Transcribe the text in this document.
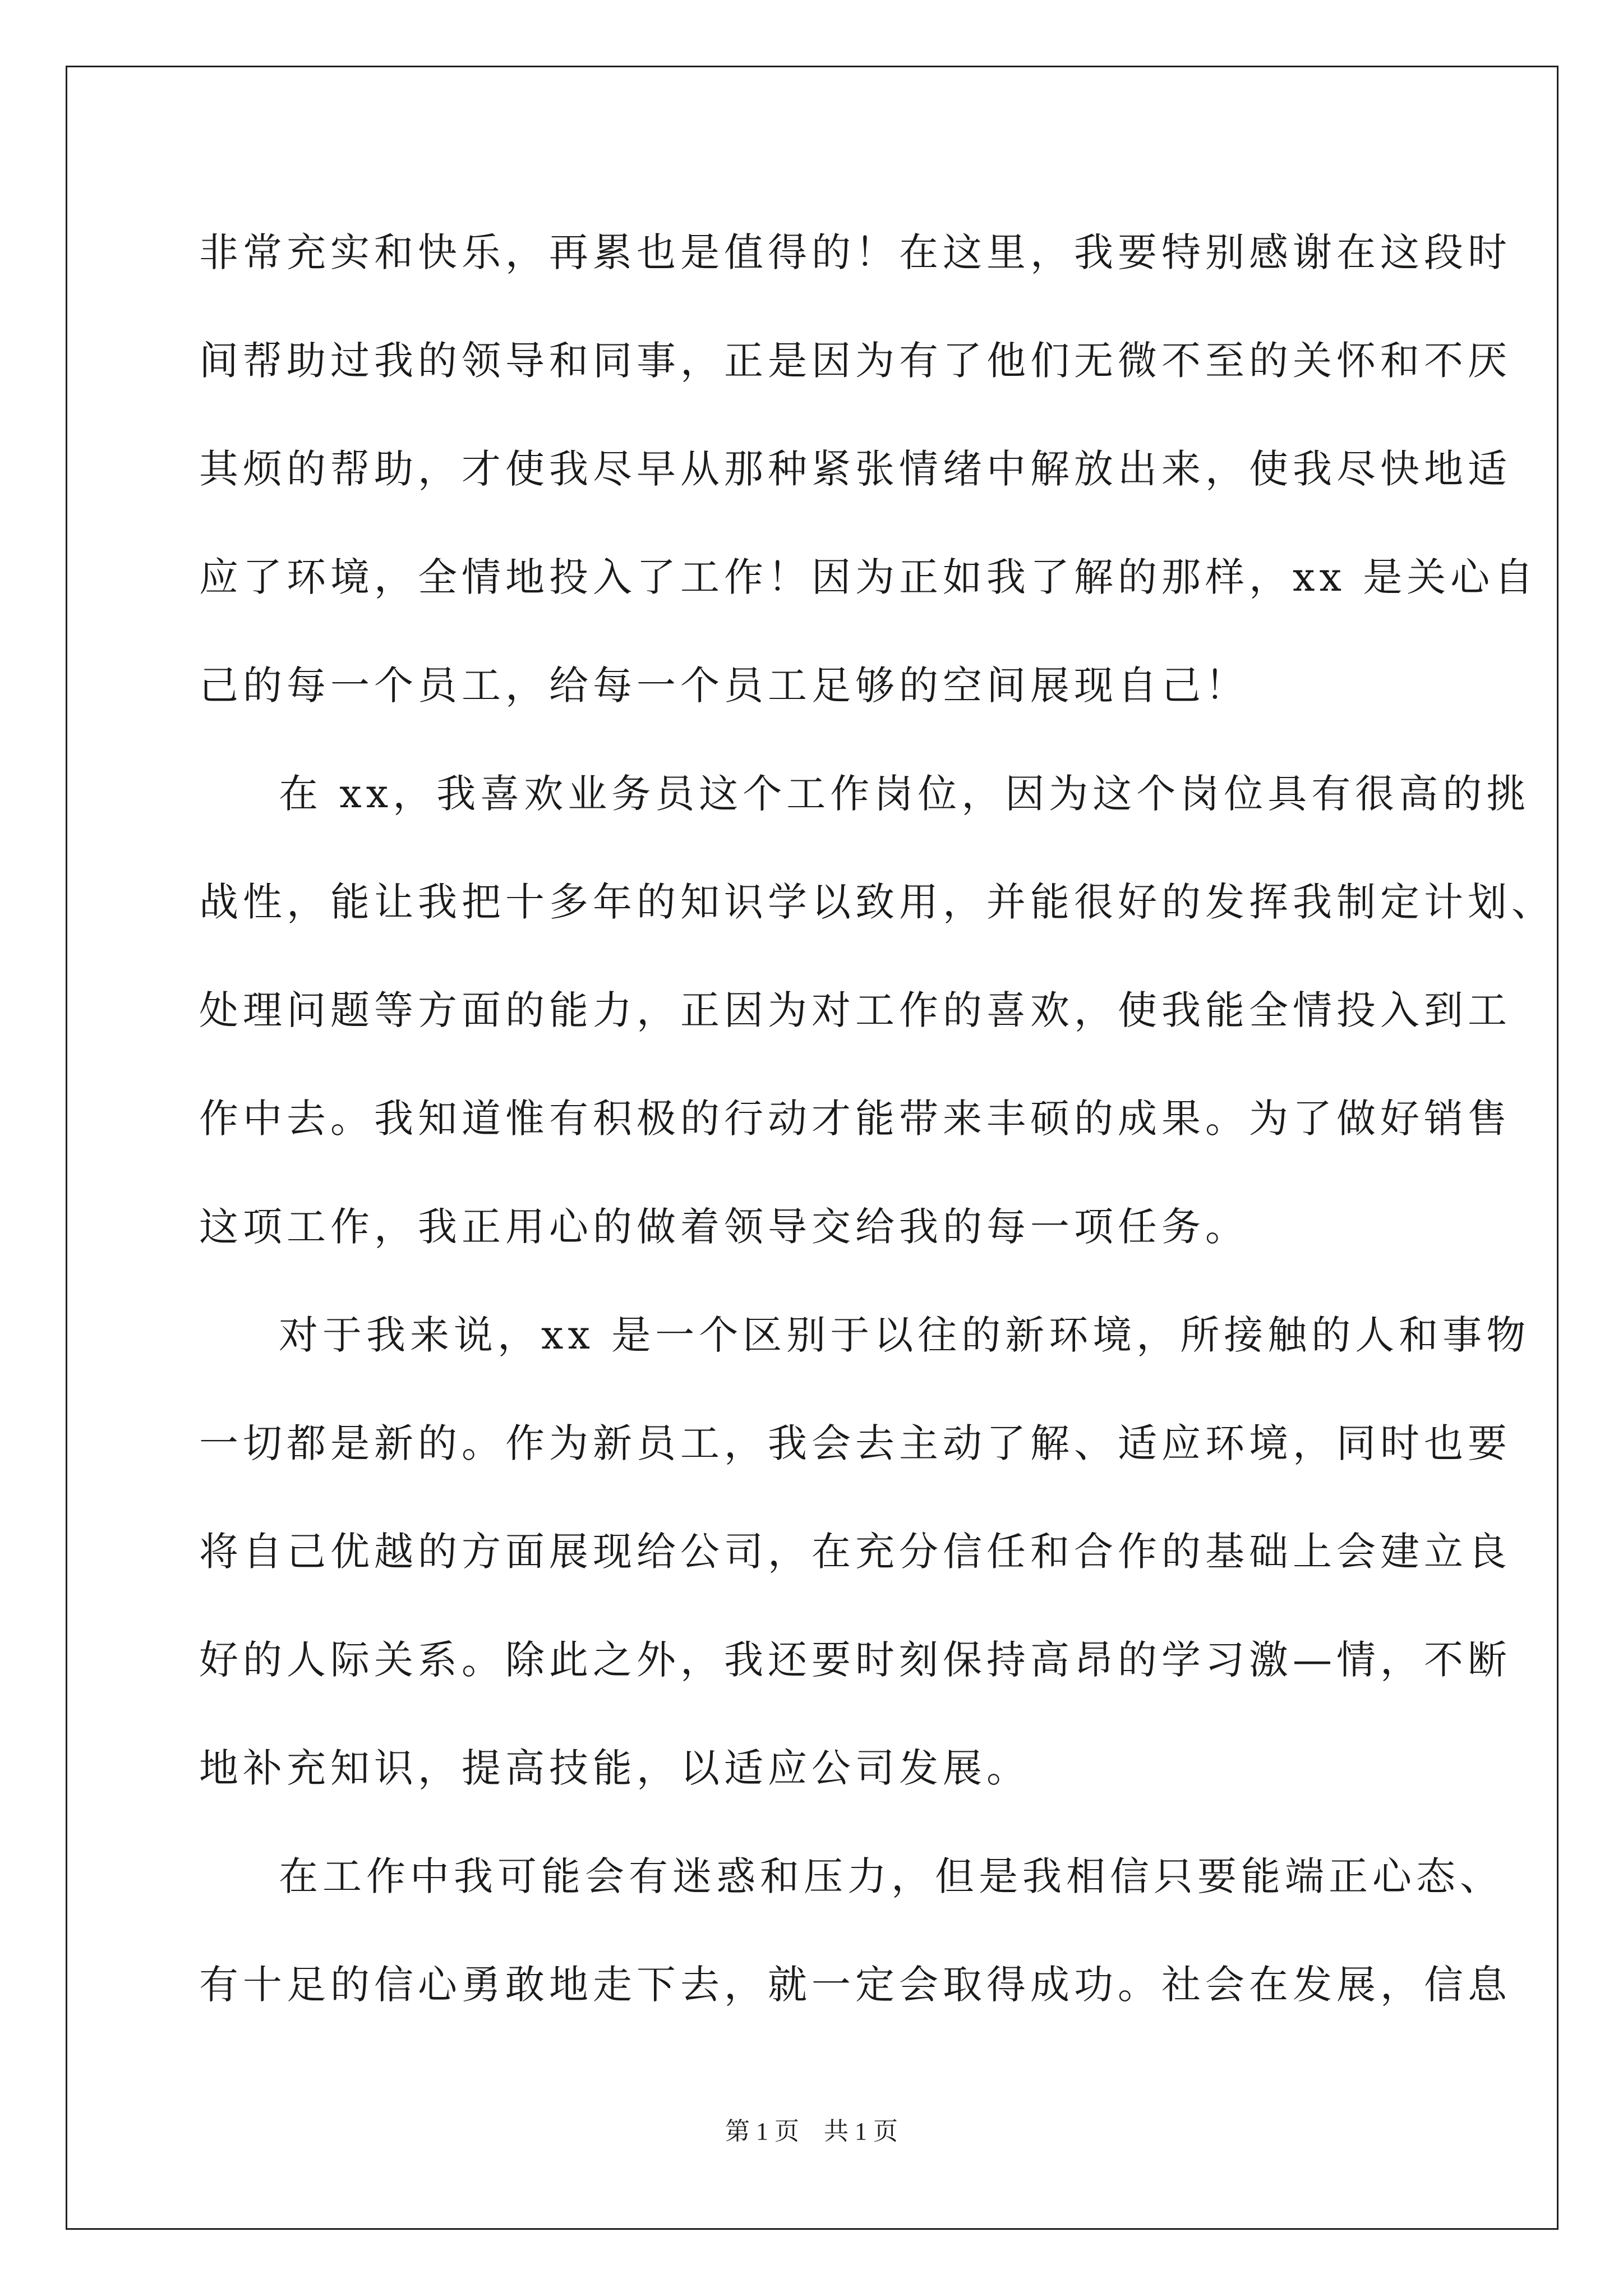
非常充实和快乐，再累也是值得的！在这里，我要特别感谢在这段时
间帮助过我的领导和同事，正是因为有了他们无微不至的关怀和不厌
其烦的帮助，才使我尽早从那种紧张情绪中解放出来，使我尽快地适
应了环境，全情地投入了工作！因为正如我了解的那样，xx 是关心自
己的每一个员工，给每一个员工足够的空间展现自己！
在 xx，我喜欢业务员这个工作岗位，因为这个岗位具有很高的挑
战性，能让我把十多年的知识学以致用，并能很好的发挥我制定计划、
处理问题等方面的能力，正因为对工作的喜欢，使我能全情投入到工
作中去。我知道惟有积极的行动才能带来丰硕的成果。为了做好销售
这项工作，我正用心的做着领导交给我的每一项任务。
对于我来说，xx 是一个区别于以往的新环境，所接触的人和事物
一切都是新的。作为新员工，我会去主动了解、适应环境，同时也要
将自己优越的方面展现给公司，在充分信任和合作的基础上会建立良
好的人际关系。除此之外，我还要时刻保持高昂的学习激—情，不断
地补充知识，提高技能，以适应公司发展。
在工作中我可能会有迷惑和压力，但是我相信只要能端正心态、
有十足的信心勇敢地走下去，就一定会取得成功。社会在发展，信息
第 1 页　共 1 页
